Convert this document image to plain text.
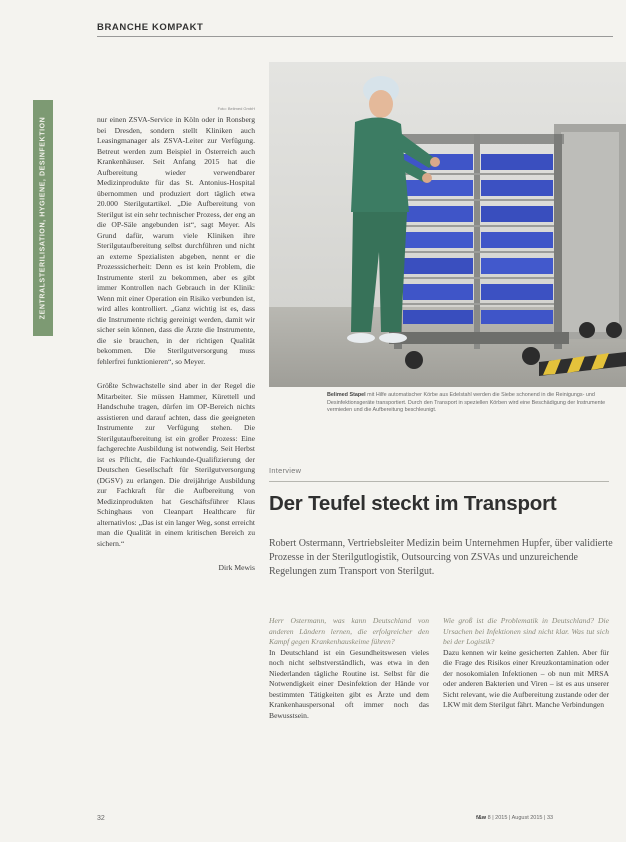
BRANCHE KOMPAKT
ZENTRALSTERILISATION, HYGIENE, DESINFEKTION
Foto: Belimed GmbH

nur einen ZSVA-Service in Köln oder in Ronsberg bei Dresden, sondern stellt Kliniken auch Leasingmanager als ZSVA-Leiter zur Verfügung. Betreut werden zum Beispiel in Österreich auch Krankenhäuser. Seit Anfang 2015 hat die Aufbereitung wieder verwendbarer Medizinprodukte für das St. Antonius-Hospital übernommen und produziert dort täglich etwa 20.000 Sterilgutartikel. „Die Aufbereitung von Sterilgut ist ein sehr technischer Prozess, der eng an die OP-Säle angebunden ist“, sagt Meyer. Als Grund dafür, warum viele Kliniken ihre Sterilgutaufbereitung selbst durchführen und nicht an externe Spezialisten abgeben, nennt er die Prozesssicherheit: Denn es ist kein Problem, die Instrumente steril zu bekommen, aber es gibt immer Kontrollen nach Gebrauch in der Klinik: Wenn mit einer Operation ein Risiko verbunden ist, wird alles kontrolliert. „Ganz wichtig ist es, dass die Instrumente richtig gereinigt werden, damit wir sicher sein können, dass die Ärzte die Instrumente, die sie brauchen, in der richtigen Qualität bekommen. Die Sterilgutversorgung muss fehlerfrei funktionieren“, so Meyer.

Größte Schwachstelle sind aber in der Regel die Mitarbeiter. Sie müssen Hammer, Kürettell und Handschuhe tragen, dürfen im OP-Bereich nichts assistieren und darauf achten, dass die geeigneten Instrumente zur Verfügung stehen. Die Sterilgutaufbereitung ist ein großer Prozess: Eine fachgerechte Ausbildung ist notwendig. Seit Herbst ist es Pflicht, die Fachkunde-Qualifizierung der Deutschen Gesellschaft für Sterilgutversorgung (DGSV) zu erlangen. Die dreijährige Ausbildung zur Fachkraft für die Aufbereitung von Medizinprodukten hat Geschäftsführer Klaus Schinghaus von Cleanpart Healthcare für alternativlos: „Das ist ein langer Weg, sonst erreicht man die Qualität in einem kritischen Bereich zu sichern.“

Dirk Mewis

Belimed Stapel mit Hilfe automatischer Körbe aus Edelstahl werden die Siebe schonend in die Reinigungs- und Desinfektionsgeräte transportiert. Durch den Transport in speziellen Körben wird eine Beschädigung der Instrumente vermieden und die Aufbereitung beschleunigt.
Interview
Der Teufel steckt im Transport
Robert Ostermann, Vertriebsleiter Medizin beim Unternehmen Hupfer, über validierte Prozesse in der Sterilgutlogistik, Outsourcing von ZSVAs und unzureichende Regelungen zum Transport von Sterilgut.

Herr Ostermann, was kann Deutschland von anderen Ländern lernen, die erfolgreicher den Kampf gegen Krankenhauskeime führen?

In Deutschland ist ein Gesundheitswesen vieles noch nicht selbstverständlich, was etwa in den Niederlanden tägliche Routine ist. Selbst für die Notwendigkeit einer Desinfektion der Hände vor bestimmten Tätigkeiten gibt es Ärzte und dem Krankenhauspersonal oft immer noch das Bewusstsein.

Wie groß ist die Problematik in Deutschland? Die Ursachen bei Infektionen sind nicht klar. Was tut sich bei der Logistik?

Dazu kennen wir keine gesicherten Zahlen. Aber für die Frage des Risikos einer Kreuzkontamination oder der nosokomialen Infektionen – ob nun mit MRSA oder anderen Bakterien und Viren – ist es aus unserer Sicht relevant, wie die Aufbereitung zustande oder der LKW mit dem Sterilgut fährt. Manche Verbindungen

32	f&w 8 | 2015 | August 2015 | 33
